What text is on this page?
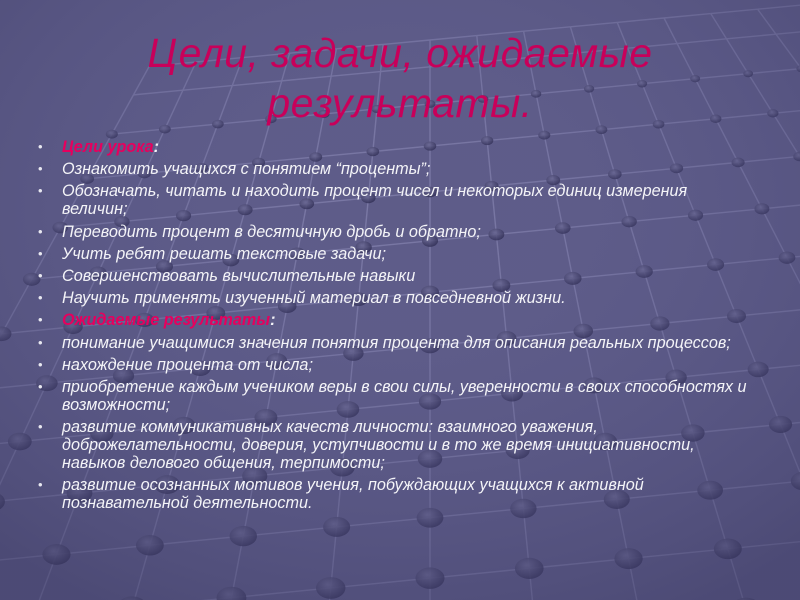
Цели, задачи, ожидаемые
результаты.
•	Цели урока:
•	Ознакомить учащихся с понятием “проценты”;
•	Обозначать, читать и находить процент чисел и некоторых единиц измерения величин;
•	Переводить процент в десятичную дробь и обратно;
•	Учить ребят решать текстовые задачи;
•	Совершенствовать вычислительные навыки
•	Научить применять изученный материал в повседневной жизни.
•	Ожидаемые результаты:
•	понимание учащимися значения понятия процента для описания реальных процессов;
•	нахождение процента от числа;
•	приобретение каждым учеником веры в свои силы, уверенности в своих способностях и возможности;
•	развитие коммуникативных качеств личности: взаимного уважения, доброжелательности, доверия, уступчивости и в то же время инициативности, навыков делового общения, терпимости;
•	развитие осознанных мотивов учения, побуждающих учащихся к активной познавательной деятельности.
